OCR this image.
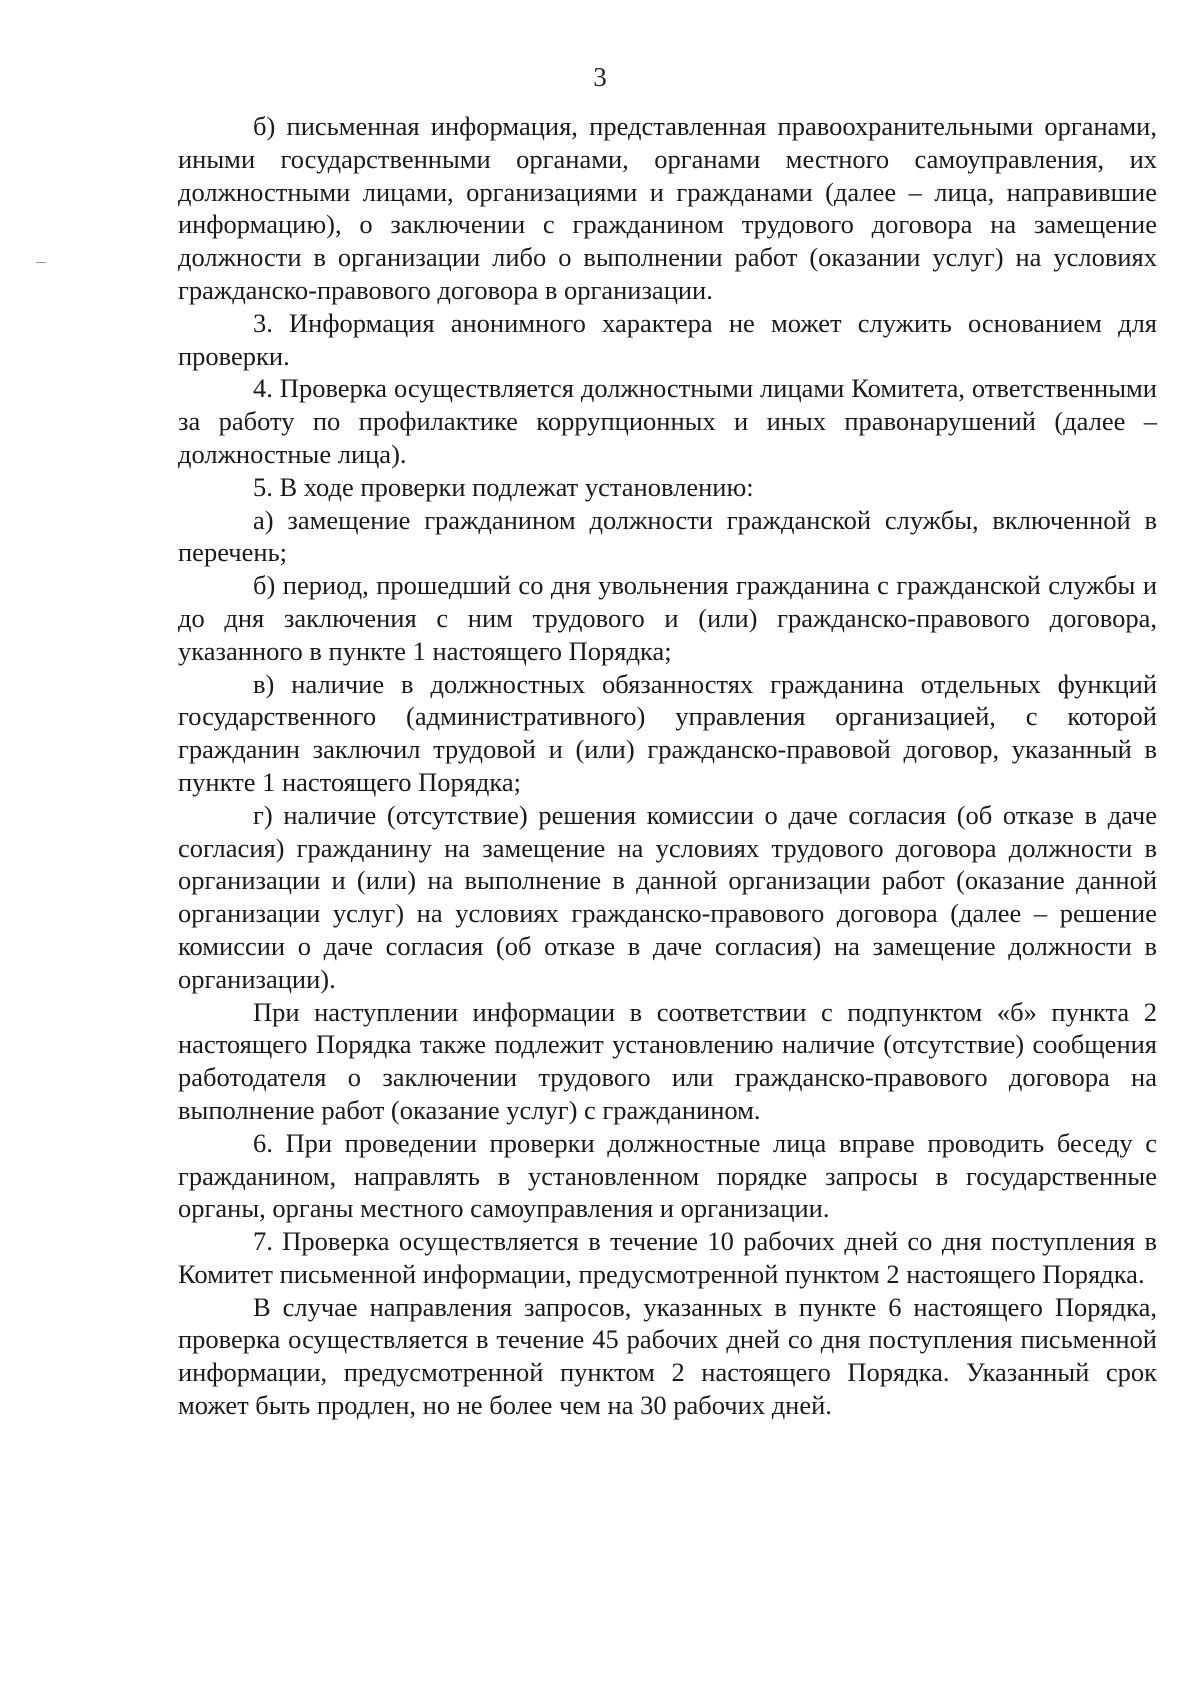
3

б) письменная информация, представленная правоохранительными органами, иными государственными органами, органами местного самоуправления, их должностными лицами, организациями и гражданами (далее – лица, направившие информацию), о заключении с гражданином трудового договора на замещение должности в организации либо о выполнении работ (оказании услуг) на условиях гражданско-правового договора в организации.

3. Информация анонимного характера не может служить основанием для проверки.

4. Проверка осуществляется должностными лицами Комитета, ответственными за работу по профилактике коррупционных и иных правонарушений (далее – должностные лица).

5. В ходе проверки подлежат установлению:

а) замещение гражданином должности гражданской службы, включенной в перечень;

б) период, прошедший со дня увольнения гражданина с гражданской службы и до дня заключения с ним трудового и (или) гражданско-правового договора, указанного в пункте 1 настоящего Порядка;

в) наличие в должностных обязанностях гражданина отдельных функций государственного (административного) управления организацией, с которой гражданин заключил трудовой и (или) гражданско-правовой договор, указанный в пункте 1 настоящего Порядка;

г) наличие (отсутствие) решения комиссии о даче согласия (об отказе в даче согласия) гражданину на замещение на условиях трудового договора должности в организации и (или) на выполнение в данной организации работ (оказание данной организации услуг) на условиях гражданско-правового договора (далее – решение комиссии о даче согласия (об отказе в даче согласия) на замещение должности в организации).

При наступлении информации в соответствии с подпунктом «б» пункта 2 настоящего Порядка также подлежит установлению наличие (отсутствие) сообщения работодателя о заключении трудового или гражданско-правового договора на выполнение работ (оказание услуг) с гражданином.

6. При проведении проверки должностные лица вправе проводить беседу с гражданином, направлять в установленном порядке запросы в государственные органы, органы местного самоуправления и организации.

7. Проверка осуществляется в течение 10 рабочих дней со дня поступления в Комитет письменной информации, предусмотренной пунктом 2 настоящего Порядка.

В случае направления запросов, указанных в пункте 6 настоящего Порядка, проверка осуществляется в течение 45 рабочих дней со дня поступления письменной информации, предусмотренной пунктом 2 настоящего Порядка. Указанный срок может быть продлен, но не более чем на 30 рабочих дней.
